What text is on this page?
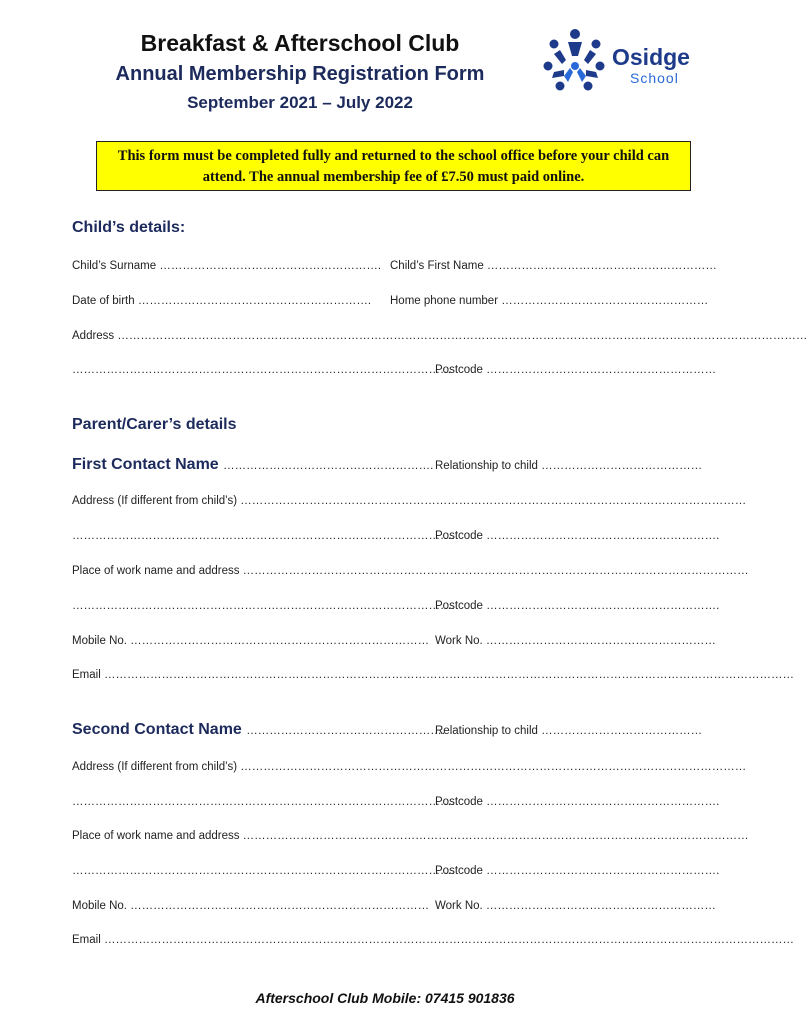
Breakfast & Afterschool Club
Annual Membership Registration Form
September 2021 – July 2022
Osidge
School
This form must be completed fully and returned to the school office before your child can attend. The annual membership fee of £7.50 must paid online.
Child’s details:
Child’s Surname …………………………………………………. Child’s First Name ……………………………………………………
Date of birth ……………………………………………………. Home phone number ………………………………………………
Address ………………………………………………………………………………………………………………………………………………………………
………………………………………………………………………………………
Postcode ……………………………………………………
Parent/Carer’s details
First Contact Name ………………………………………………. Relationship to child ……………………………………
Address (If different from child’s) ……………………………………………………………………………………………………………………
……………………………………………………………………………………….
Postcode …………………………………………………….
Place of work name and address ……………………………………………………………………………………………………………………
……………………………………………………………………………………….
Postcode …………………………………………………….
Mobile No. …………………………………………………………………… Work No. ……………………………………………………
Email ………………………………………………………………………………………………………………………………………………………………
Second Contact Name …………………………………………….
Relationship to child ……………………………………
Address (If different from child’s) ……………………………………………………………………………………………………………………
……………………………………………………………………………………….
Postcode …………………………………………………….
Place of work name and address ……………………………………………………………………………………………………………………
……………………………………………………………………………………….
Postcode …………………………………………………….
Mobile No. …………………………………………………………………… Work No. ……………………………………………………
Email ………………………………………………………………………………………………………………………………………………………………
Afterschool Club Mobile: 07415 901836
